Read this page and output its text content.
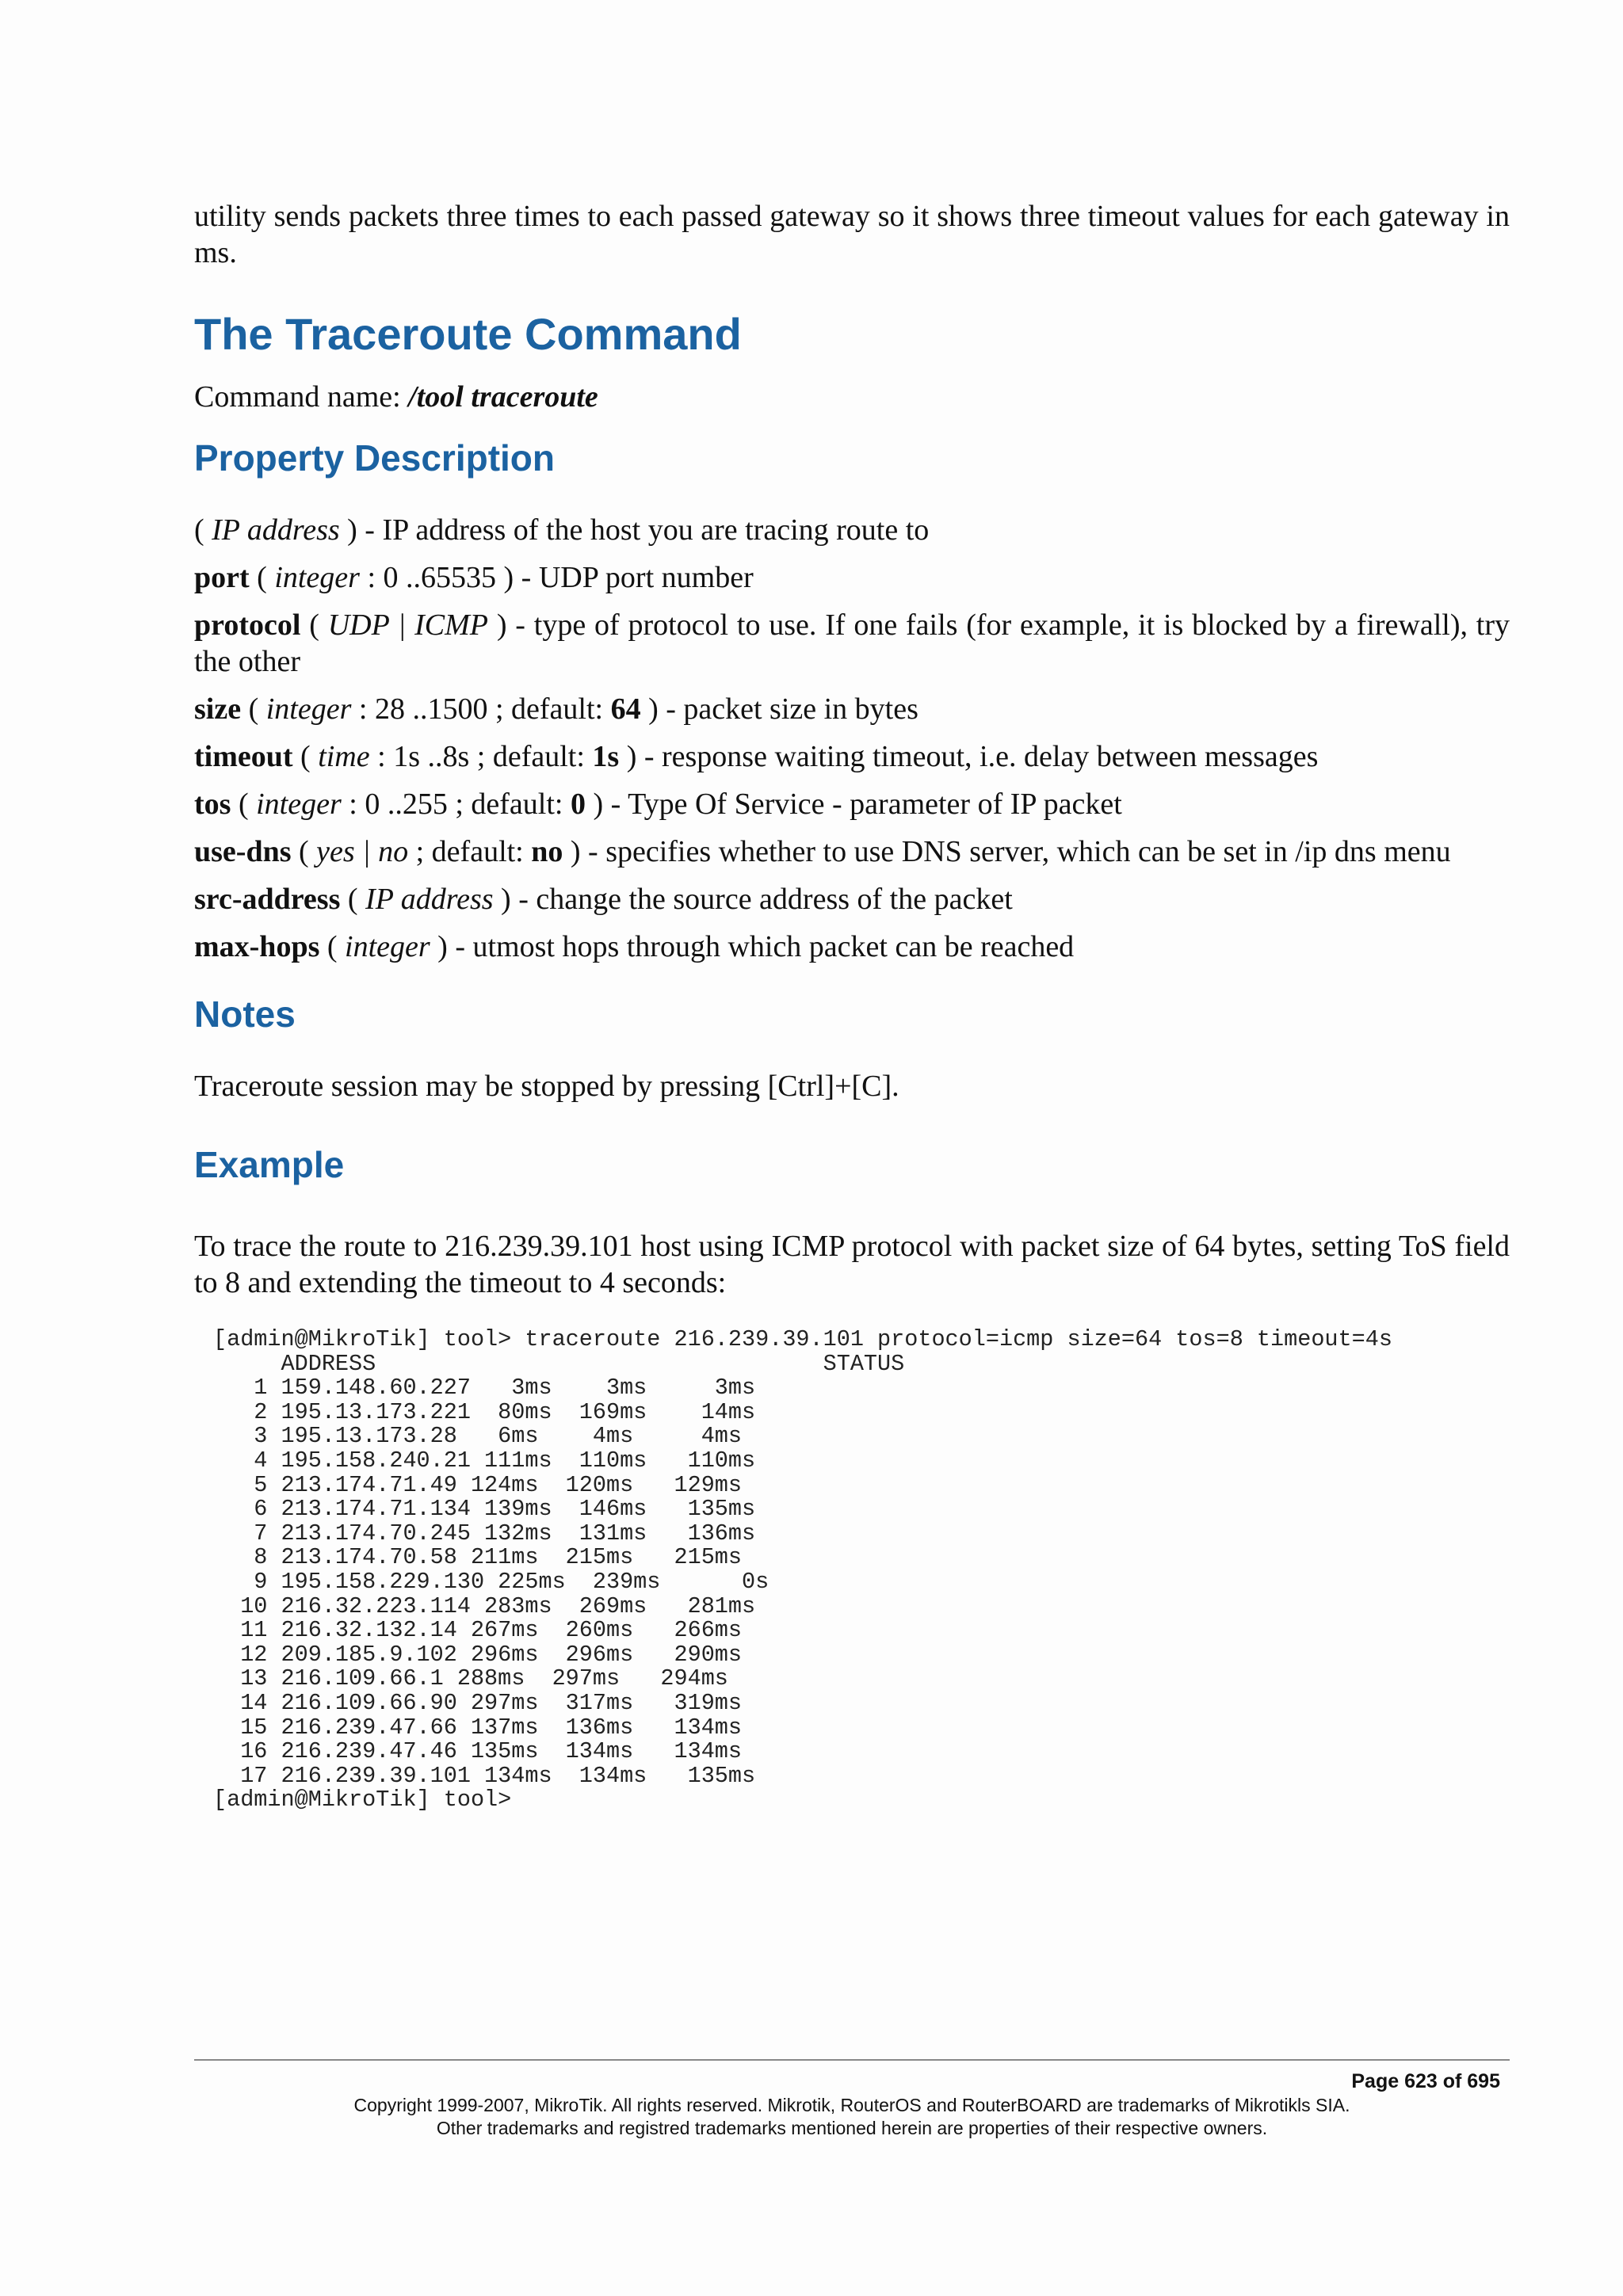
utility sends packets three times to each passed gateway so it shows three timeout values for each gateway in ms.

The Traceroute Command

Command name: /tool traceroute

Property Description

( IP address ) - IP address of the host you are tracing route to

port ( integer : 0 ..65535 ) - UDP port number

protocol ( UDP | ICMP ) - type of protocol to use. If one fails (for example, it is blocked by a firewall), try the other

size ( integer : 28 ..1500 ; default: 64 ) - packet size in bytes

timeout ( time : 1s ..8s ; default: 1s ) - response waiting timeout, i.e. delay between messages

tos ( integer : 0 ..255 ; default: 0 ) - Type Of Service - parameter of IP packet

use-dns ( yes | no ; default: no ) - specifies whether to use DNS server, which can be set in /ip dns menu

src-address ( IP address ) - change the source address of the packet

max-hops ( integer ) - utmost hops through which packet can be reached

Notes

Traceroute session may be stopped by pressing [Ctrl]+[C].

Example

To trace the route to 216.239.39.101 host using ICMP protocol with packet size of 64 bytes, setting ToS field to 8 and extending the timeout to 4 seconds:

[admin@MikroTik] tool> traceroute 216.239.39.101 protocol=icmp size=64 tos=8 timeout=4s
ADDRESS                                 STATUS
1 159.148.60.227   3ms    3ms     3ms
2 195.13.173.221  80ms  169ms    14ms
3 195.13.173.28   6ms    4ms     4ms
4 195.158.240.21 111ms  110ms   110ms
5 213.174.71.49 124ms  120ms   129ms
6 213.174.71.134 139ms  146ms   135ms
7 213.174.70.245 132ms  131ms   136ms
8 213.174.70.58 211ms  215ms   215ms
9 195.158.229.130 225ms  239ms      0s
10 216.32.223.114 283ms  269ms   281ms
11 216.32.132.14 267ms  260ms   266ms
12 209.185.9.102 296ms  296ms   290ms
13 216.109.66.1 288ms  297ms   294ms
14 216.109.66.90 297ms  317ms   319ms
15 216.239.47.66 137ms  136ms   134ms
16 216.239.47.46 135ms  134ms   134ms
17 216.239.39.101 134ms  134ms   135ms
[admin@MikroTik] tool>
Page 623 of 695
Copyright 1999-2007, MikroTik. All rights reserved. Mikrotik, RouterOS and RouterBOARD are trademarks of Mikrotikls SIA.
Other trademarks and registred trademarks mentioned herein are properties of their respective owners.
